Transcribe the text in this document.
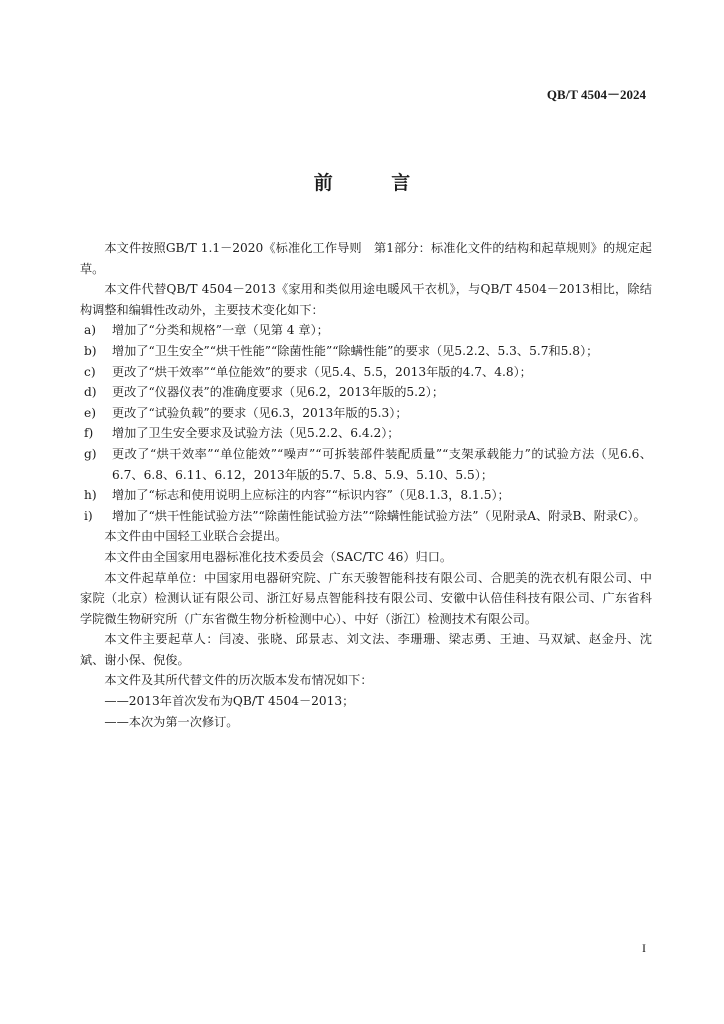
QB/T 4504－2024
前 言

本文件按照GB/T 1.1－2020《标准化工作导则　第1部分：标准化文件的结构和起草规则》的规定起草。

本文件代替QB/T 4504－2013《家用和类似用途电暖风干衣机》，与QB/T 4504－2013相比，除结构调整和编辑性改动外，主要技术变化如下：

a)	增加了“分类和规格”一章（见第 4 章）；
b)	增加了“卫生安全”“烘干性能”“除菌性能”“除螨性能”的要求（见5.2.2、5.3、5.7和5.8）；
c)	更改了“烘干效率”“单位能效”的要求（见5.4、5.5，2013年版的4.7、4.8）；
d)	更改了“仪器仪表”的准确度要求（见6.2，2013年版的5.2）；
e)	更改了“试验负载”的要求（见6.3，2013年版的5.3）；
f)	增加了卫生安全要求及试验方法（见5.2.2、6.4.2）；
g)	更改了“烘干效率”“单位能效”“噪声”“可拆装部件装配质量”“支架承载能力”的试验方法（见6.6、6.7、6.8、6.11、6.12，2013年版的5.7、5.8、5.9、5.10、5.5）；
h)	增加了“标志和使用说明上应标注的内容”“标识内容”（见8.1.3，8.1.5）；
i)	增加了“烘干性能试验方法”“除菌性能试验方法”“除螨性能试验方法”（见附录A、附录B、附录C）。

本文件由中国轻工业联合会提出。

本文件由全国家用电器标准化技术委员会（SAC/TC 46）归口。

本文件起草单位：中国家用电器研究院、广东天骏智能科技有限公司、合肥美的洗衣机有限公司、中家院（北京）检测认证有限公司、浙江好易点智能科技有限公司、安徽中认倍佳科技有限公司、广东省科学院微生物研究所（广东省微生物分析检测中心）、中好（浙江）检测技术有限公司。

本文件主要起草人：闫凌、张晓、邱景志、刘文法、李珊珊、梁志勇、王迪、马双斌、赵金丹、沈斌、谢小保、倪俊。

本文件及其所代替文件的历次版本发布情况如下：

——2013年首次发布为QB/T 4504－2013；

——本次为第一次修订。

I
